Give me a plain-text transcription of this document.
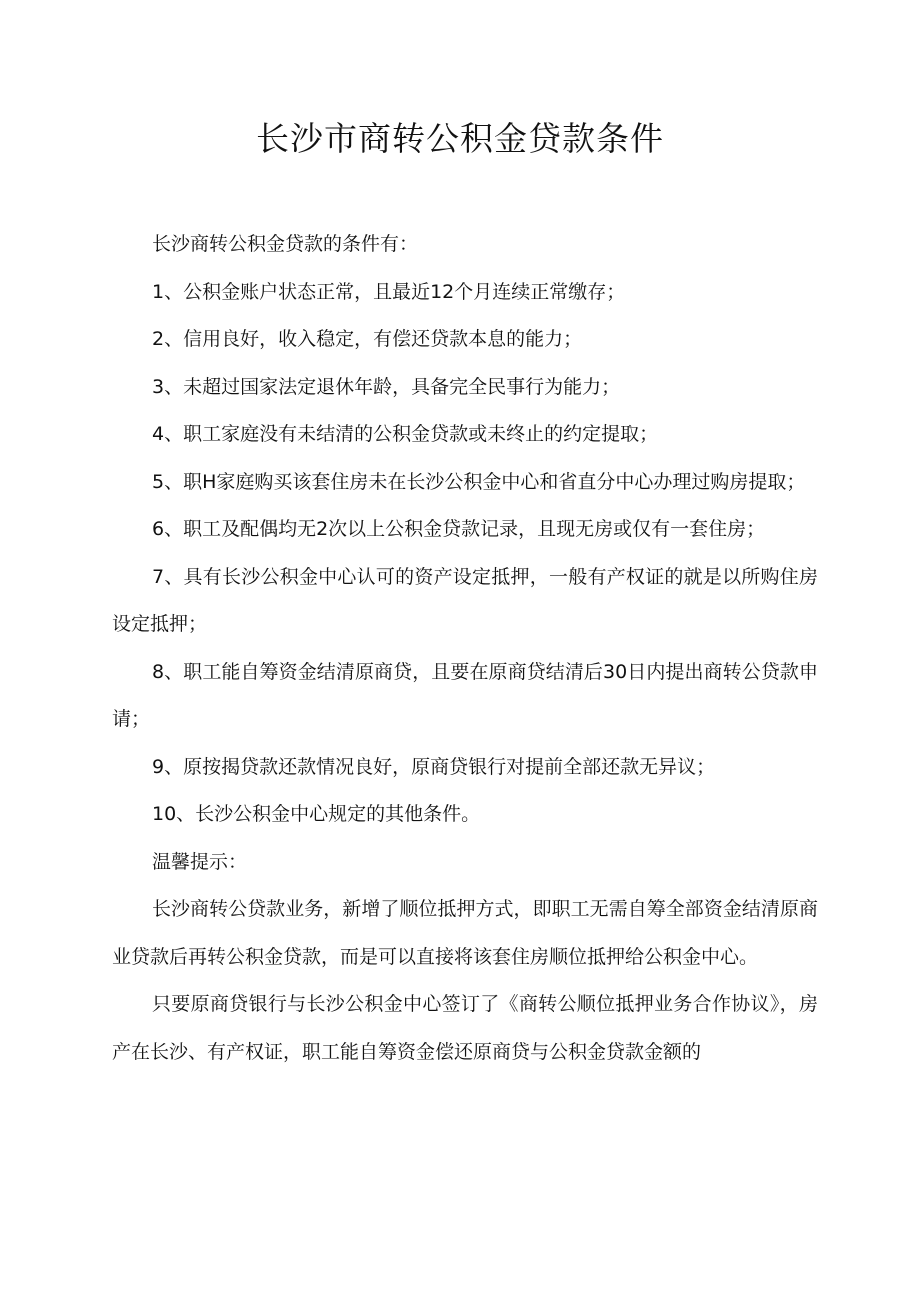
长沙市商转公积金贷款条件

长沙商转公积金贷款的条件有：

1、公积金账户状态正常，且最近12个月连续正常缴存；

2、信用良好，收入稳定，有偿还贷款本息的能力；

3、未超过国家法定退休年龄，具备完全民事行为能力；

4、职工家庭没有未结清的公积金贷款或未终止的约定提取；

5、职H家庭购买该套住房未在长沙公积金中心和省直分中心办理过购房提取；

6、职工及配偶均无2次以上公积金贷款记录，且现无房或仅有一套住房；

7、具有长沙公积金中心认可的资产设定抵押，一般有产权证的就是以所购住房设定抵押；

8、职工能自筹资金结清原商贷，且要在原商贷结清后30日内提出商转公贷款申请；

9、原按揭贷款还款情况良好，原商贷银行对提前全部还款无异议；

10、长沙公积金中心规定的其他条件。

温馨提示：

长沙商转公贷款业务，新增了顺位抵押方式，即职工无需自筹全部资金结清原商业贷款后再转公积金贷款，而是可以直接将该套住房顺位抵押给公积金中心。

只要原商贷银行与长沙公积金中心签订了《商转公顺位抵押业务合作协议》，房产在长沙、有产权证，职工能自筹资金偿还原商贷与公积金贷款金额的
